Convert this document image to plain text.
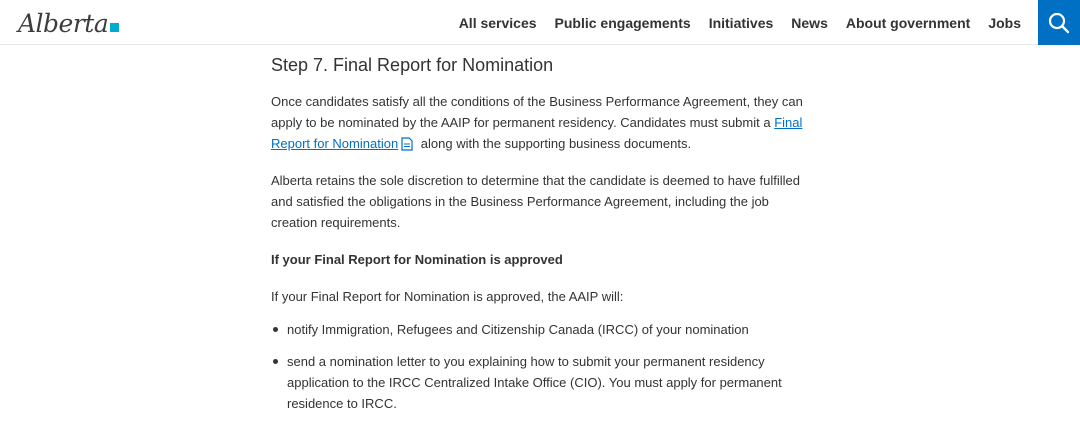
Alberta	All services	Public engagements	Initiatives	News	About government	Jobs
Step 7. Final Report for Nomination

Once candidates satisfy all the conditions of the Business Performance Agreement, they can apply to be nominated by the AAIP for permanent residency. Candidates must submit a Final Report for Nomination along with the supporting business documents.

Alberta retains the sole discretion to determine that the candidate is deemed to have fulfilled and satisfied the obligations in the Business Performance Agreement, including the job creation requirements.

If your Final Report for Nomination is approved

If your Final Report for Nomination is approved, the AAIP will:

notify Immigration, Refugees and Citizenship Canada (IRCC) of your nomination
send a nomination letter to you explaining how to submit your permanent residency application to the IRCC Centralized Intake Office (CIO). You must apply for permanent residence to IRCC.
